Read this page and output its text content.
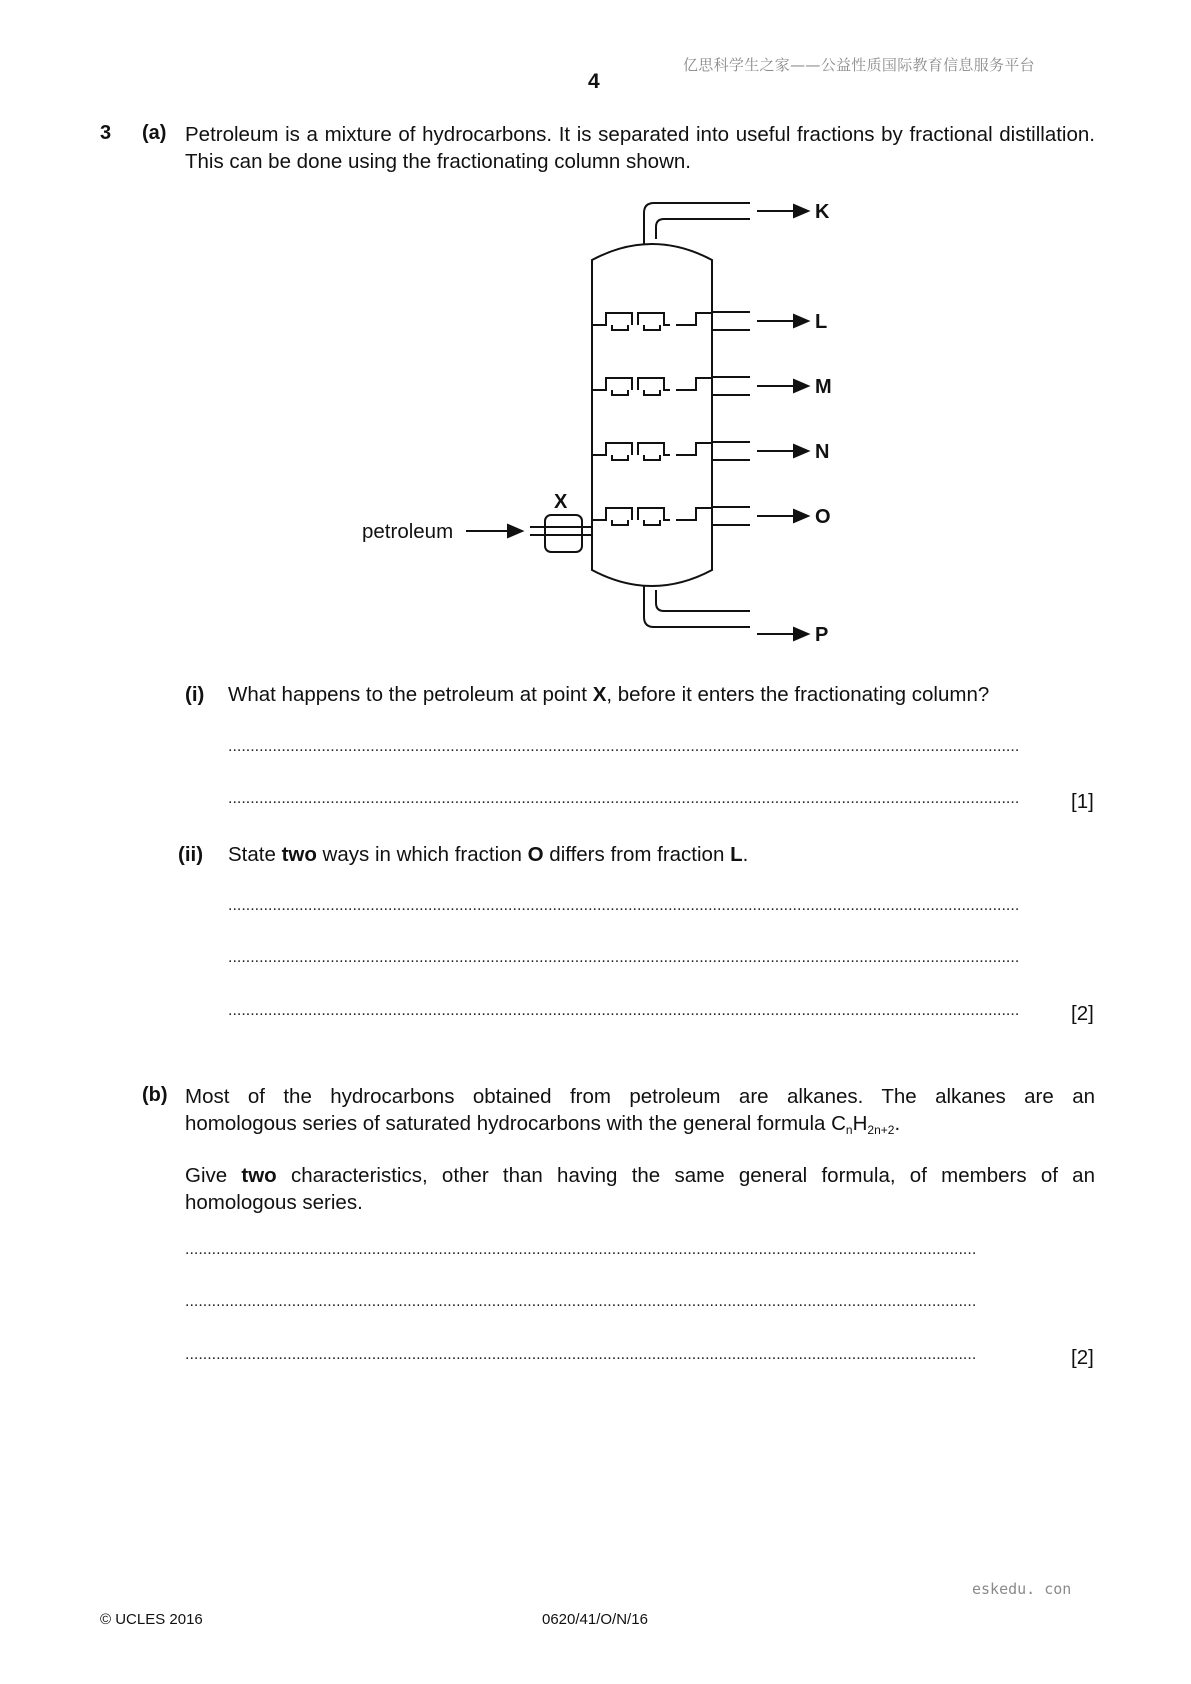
亿思科学生之家——公益性质国际教育信息服务平台
4
3 (a) Petroleum is a mixture of hydrocarbons. It is separated into useful fractions by fractional distillation. This can be done using the fractionating column shown.
K
L
M
N
O
P
X
petroleum
(i) What happens to the petroleum at point X, before it enters the fractionating column?
..................................................................................................................................................................................
..................................................................................................................................................................................	[1]
(ii) State two ways in which fraction O differs from fraction L.
..................................................................................................................................................................................
..................................................................................................................................................................................
..................................................................................................................................................................................	[2]
(b) Most of the hydrocarbons obtained from petroleum are alkanes. The alkanes are an
homologous series of saturated hydrocarbons with the general formula $C_nH_{2n+2}$.
Give two characteristics, other than having the same general formula, of members of an homologous series.
..................................................................................................................................................................................
..................................................................................................................................................................................
..................................................................................................................................................................................	[2]
eskedu. con
© UCLES 2016	0620/41/O/N/16
